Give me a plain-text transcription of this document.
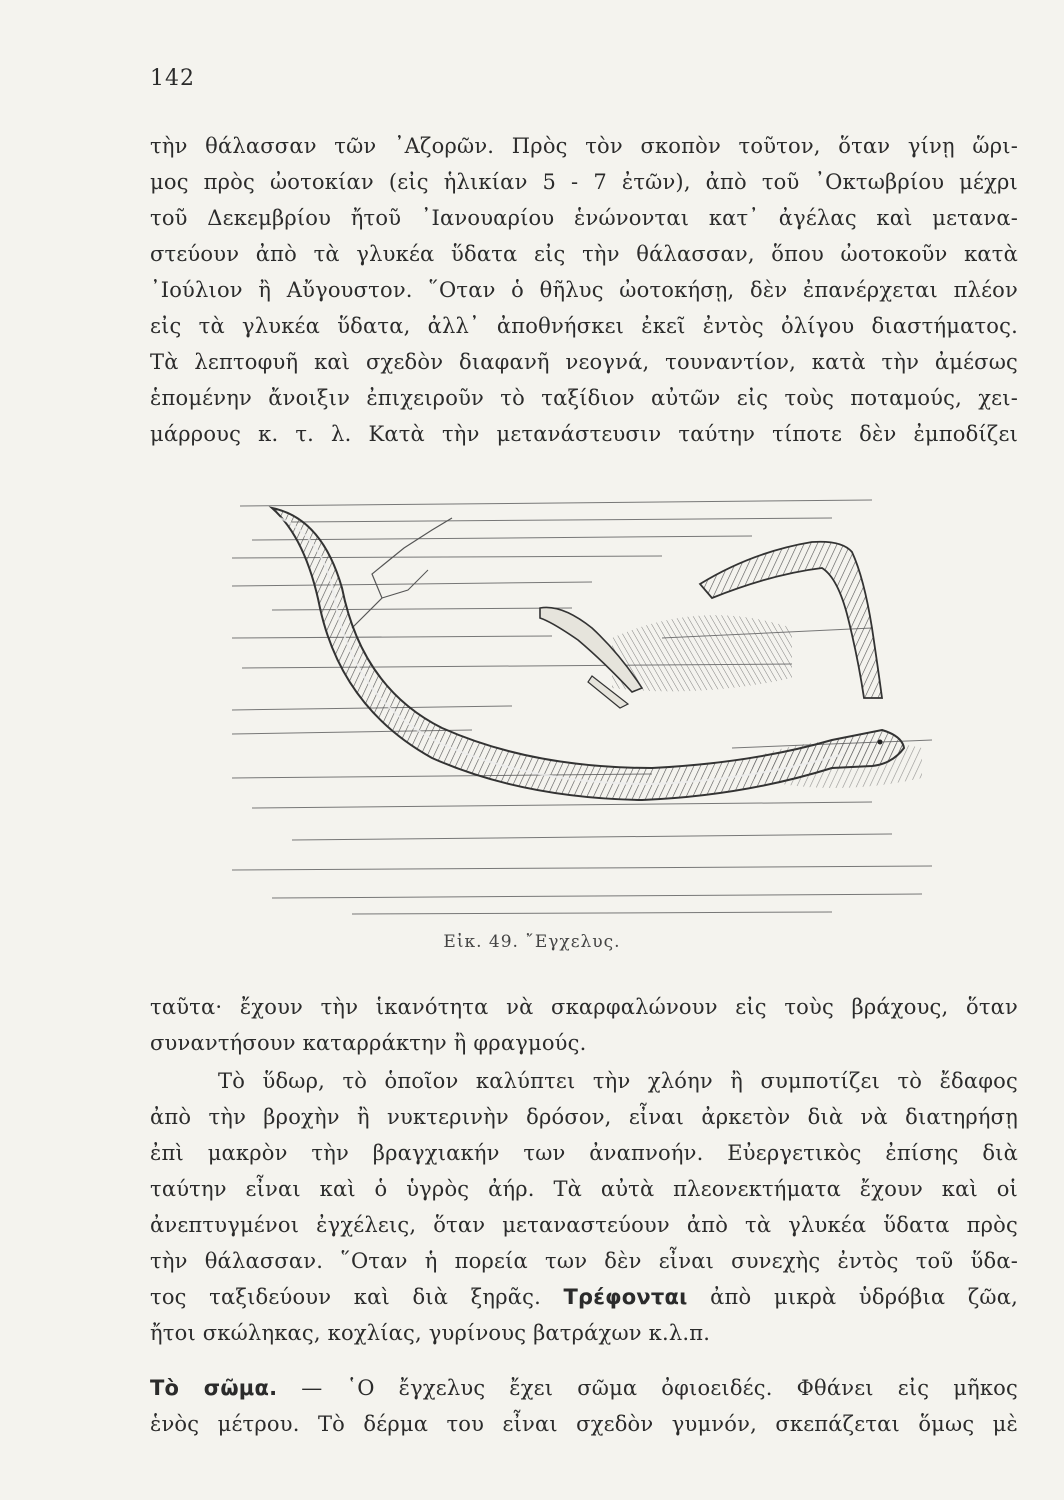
142
τὴν θάλασσαν τῶν ᾿Αζορῶν. Πρὸς τὸν σκοπὸν τοῦτον, ὅταν γίνῃ ὥρι-
μος πρὸς ὠοτοκίαν (εἰς ἡλικίαν 5 - 7 ἐτῶν), ἀπὸ τοῦ ᾿Οκτωβρίου μέχρι
τοῦ Δεκεμβρίου ἤτοῦ ᾿Ιανουαρίου ἑνώνονται κατ᾿ ἀγέλας καὶ μετανα-
στεύουν ἀπὸ τὰ γλυκέα ὕδατα εἰς τὴν θάλασσαν, ὅπου ὠοτοκοῦν κατὰ
᾿Ιούλιον ἢ Αὔγουστον. ῞Οταν ὁ θῆλυς ὠοτοκήσῃ, δὲν ἐπανέρχεται πλέον
εἰς τὰ γλυκέα ὕδατα, ἀλλ᾿ ἀποθνήσκει ἐκεῖ ἐντὸς ὀλίγου διαστήματος.
Τὰ λεπτοφυῆ καὶ σχεδὸν διαφανῆ νεογνά, τουναντίον, κατὰ τὴν ἀμέσως
ἑπομένην ἄνοιξιν ἐπιχειροῦν τὸ ταξίδιον αὐτῶν εἰς τοὺς ποταμούς, χει-
μάρρους κ. τ. λ. Κατὰ τὴν μετανάστευσιν ταύτην τίποτε δὲν ἐμποδίζει
Εἰκ. 49. ῎Εγχελυς.
ταῦτα· ἔχουν τὴν ἱκανότητα νὰ σκαρφαλώνουν εἰς τοὺς βράχους, ὅταν
συναντήσουν καταρράκτην ἢ φραγμούς.
Τὸ ὕδωρ, τὸ ὁποῖον καλύπτει τὴν χλόην ἢ συμποτίζει τὸ ἔδαφος
ἀπὸ τὴν βροχὴν ἢ νυκτερινὴν δρόσον, εἶναι ἀρκετὸν διὰ νὰ διατηρήσῃ
ἐπὶ μακρὸν τὴν βραγχιακήν των ἀναπνοήν. Εὐεργετικὸς ἐπίσης διὰ
ταύτην εἶναι καὶ ὁ ὑγρὸς ἀήρ. Τὰ αὐτὰ πλεονεκτήματα ἔχουν καὶ οἱ
ἀνεπτυγμένοι ἐγχέλεις, ὅταν μεταναστεύουν ἀπὸ τὰ γλυκέα ὕδατα πρὸς
τὴν θάλασσαν. ῞Οταν ἡ πορεία των δὲν εἶναι συνεχὴς ἐντὸς τοῦ ὕδα-
τος ταξιδεύουν καὶ διὰ ξηρᾶς. Τρέφονται ἀπὸ μικρὰ ὑδρόβια ζῶα,
ἤτοι σκώληκας, κοχλίας, γυρίνους βατράχων κ.λ.π.
Τὸ σῶμα. — ῾Ο ἔγχελυς ἔχει σῶμα ὀφιοειδές. Φθάνει εἰς μῆκος
ἑνὸς μέτρου. Τὸ δέρμα του εἶναι σχεδὸν γυμνόν, σκεπάζεται ὅμως μὲ
